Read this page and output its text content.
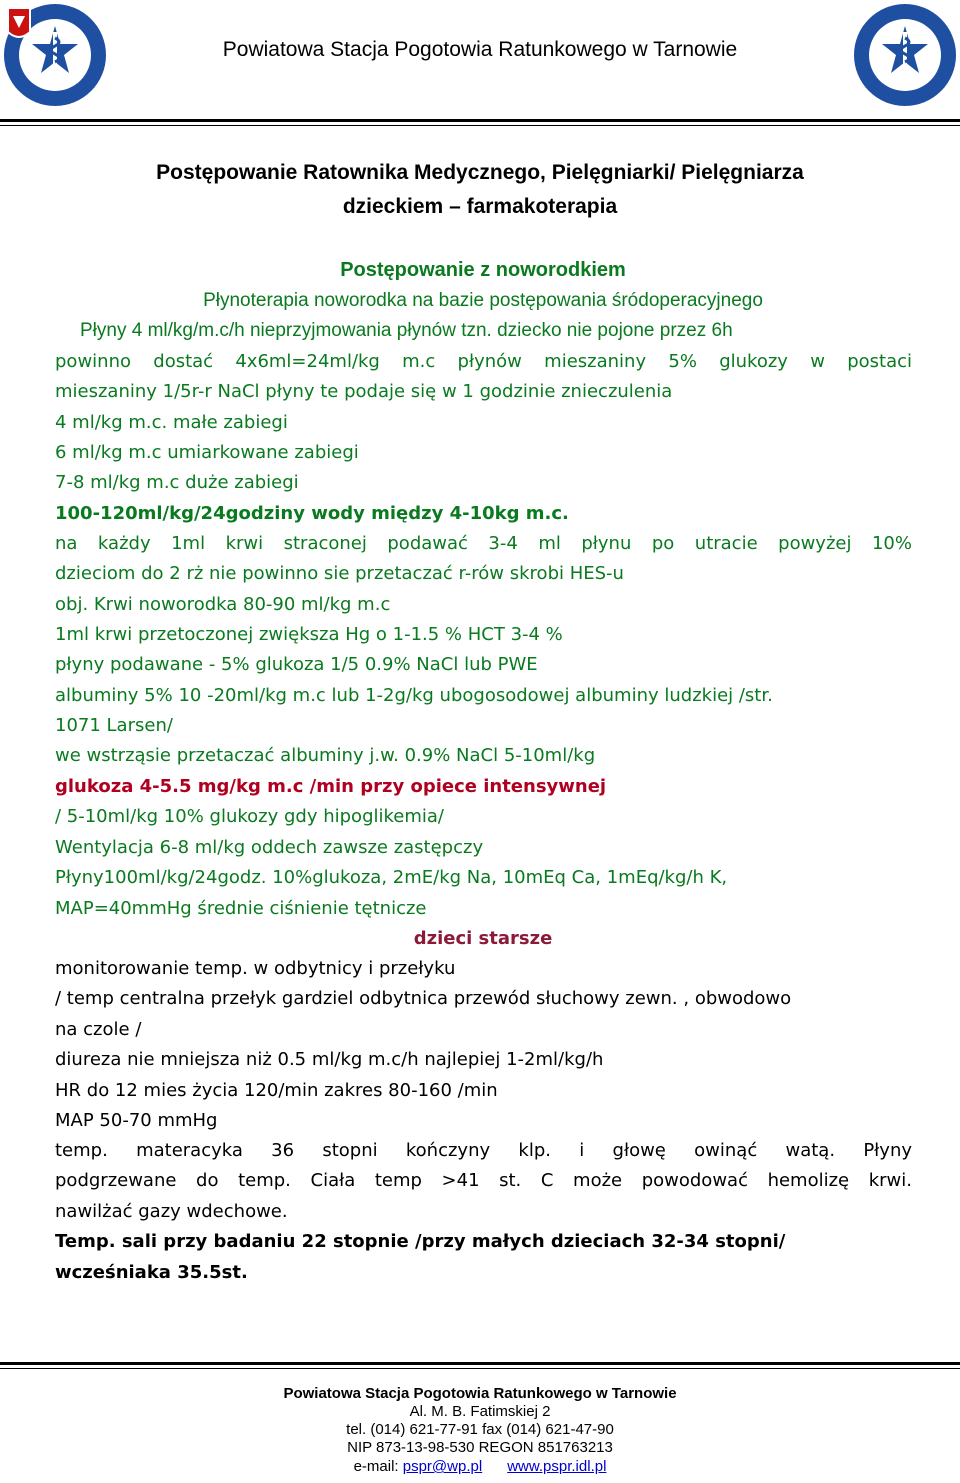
Powiatowa Stacja Pogotowia Ratunkowego w Tarnowie
Postępowanie Ratownika Medycznego, Pielęgniarki/ Pielęgniarza
dzieckiem – farmakoterapia
Postępowanie z noworodkiem
Płynoterapia noworodka na bazie postępowania śródoperacyjnego
Płyny 4 ml/kg/m.c/h nieprzyjmowania płynów tzn. dziecko nie pojone przez 6h
powinno dostać 4x6ml=24ml/kg m.c płynów mieszaniny 5% glukozy w postaci
mieszaniny 1/5r-r NaCl płyny te podaje się w 1 godzinie znieczulenia
4 ml/kg m.c. małe zabiegi
6 ml/kg m.c umiarkowane zabiegi
7-8 ml/kg m.c duże zabiegi
100-120ml/kg/24godziny wody między 4-10kg m.c.
na każdy 1ml krwi straconej podawać 3-4 ml płynu po utracie powyżej 10%
dzieciom do 2 rż nie powinno sie przetaczać r-rów skrobi HES-u
obj. Krwi noworodka 80-90 ml/kg m.c
1ml krwi przetoczonej zwiększa Hg o 1-1.5 % HCT 3-4 %
płyny podawane - 5% glukoza 1/5 0.9% NaCl lub PWE
albuminy 5% 10 -20ml/kg m.c lub 1-2g/kg ubogosodowej albuminy ludzkiej /str.
1071 Larsen/
we wstrząsie przetaczać albuminy j.w. 0.9% NaCl 5-10ml/kg
glukoza 4-5.5 mg/kg m.c /min przy opiece intensywnej
/ 5-10ml/kg 10% glukozy gdy hipoglikemia/
Wentylacja 6-8 ml/kg oddech zawsze zastępczy
Płyny100ml/kg/24godz. 10%glukoza, 2mE/kg Na, 10mEq Ca, 1mEq/kg/h K,
MAP=40mmHg średnie ciśnienie tętnicze
dzieci starsze
monitorowanie temp. w odbytnicy i przełyku
/ temp centralna przełyk gardziel odbytnica przewód słuchowy zewn. , obwodowo
na czole /
diureza nie mniejsza niż 0.5 ml/kg m.c/h najlepiej 1-2ml/kg/h
HR do 12 mies życia 120/min zakres 80-160 /min
MAP 50-70 mmHg
temp. materacyka 36 stopni kończyny klp. i głowę owinąć watą. Płyny
podgrzewane do temp. Ciała temp >41 st. C może powodować hemolizę krwi.
nawilżać gazy wdechowe.
Temp. sali przy badaniu 22 stopnie /przy małych dzieciach 32-34 stopni/
wcześniaka 35.5st.
Powiatowa Stacja Pogotowia Ratunkowego w Tarnowie
Al. M. B. Fatimskiej 2
tel. (014) 621-77-91 fax (014) 621-47-90
NIP 873-13-98-530 REGON 851763213
e-mail: pspr@wp.pl www.pspr.idl.pl
